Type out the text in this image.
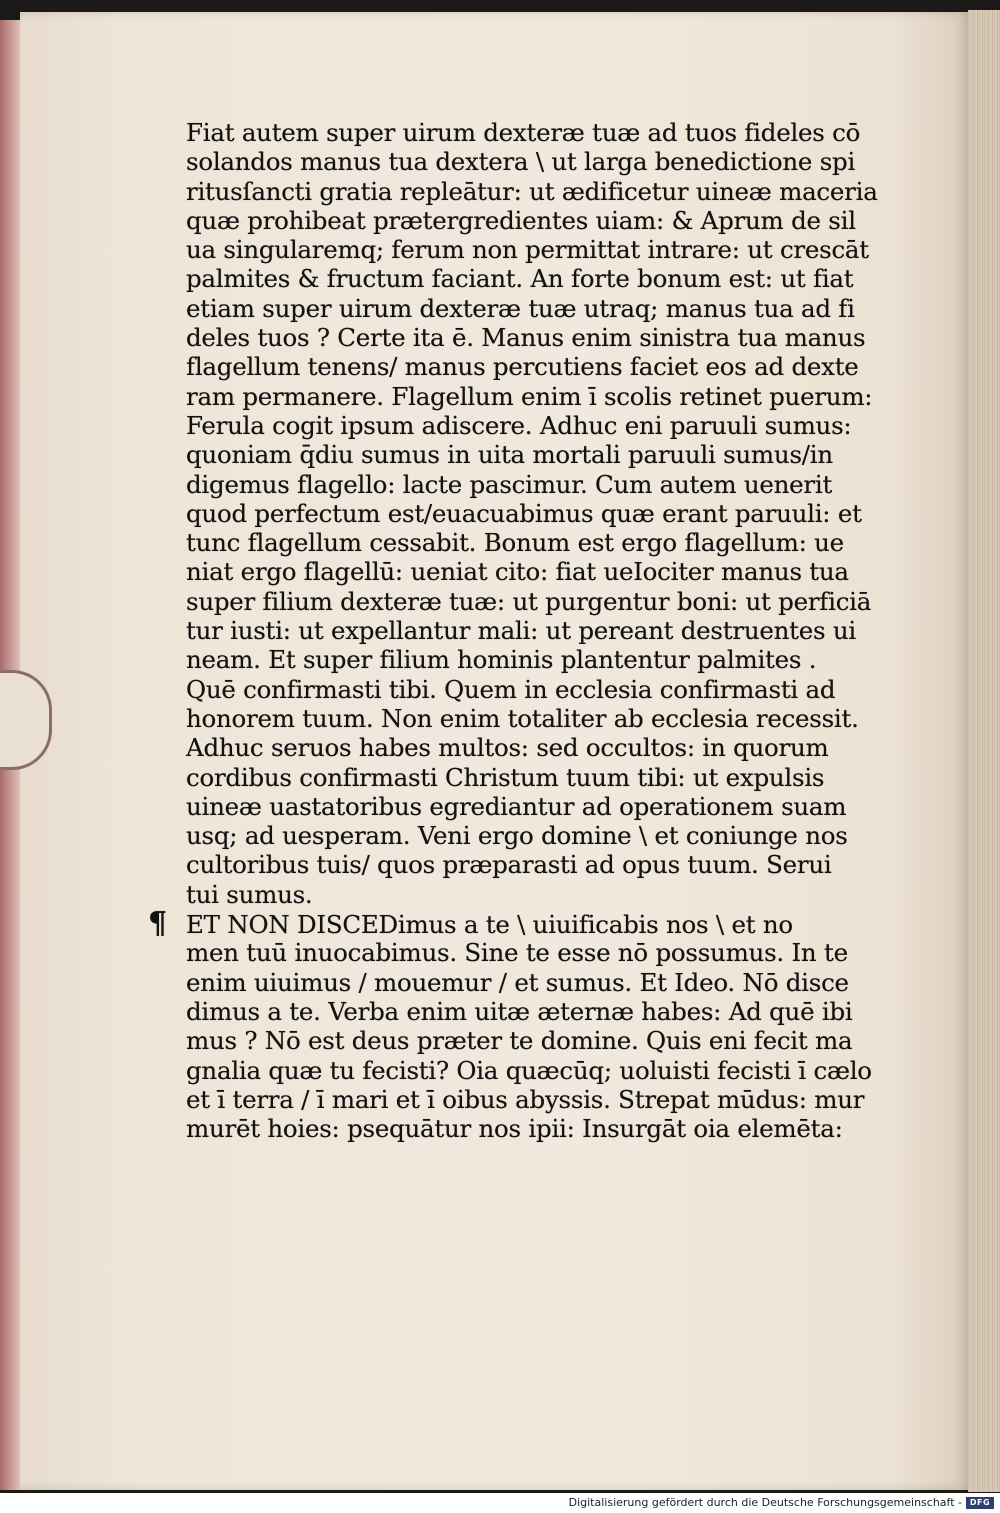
Fiat autem super uirum dexteræ tuæ ad tuos fideles cō
solandos manus tua dextera \ ut larga benedictione spi
ritusſancti gratia repleātur: ut ædificetur uineæ maceria
quæ prohibeat prætergredientes uiam: & Aprum de sil
ua singularemq; ferum non permittat intrare: ut crescāt
palmites & fructum faciant. An forte bonum est: ut fiat
etiam super uirum dexteræ tuæ utraq; manus tua ad fi
deles tuos ? Certe ita ē. Manus enim sinistra tua manus
flagellum tenens/ manus percutiens faciet eos ad dexte
ram permanere. Flagellum enim ī scolis retinet puerum:
Ferula cogit ipsum adiscere. Adhuc eni paruuli sumus:
quoniam q̄diu sumus in uita mortali paruuli sumus/in
digemus flagello: lacte pascimur. Cum autem uenerit
quod perfectum est/euacuabimus quæ erant paruuli: et
tunc flagellum cessabit. Bonum est ergo flagellum: ue
niat ergo flagellū: ueniat cito: fiat ueIociter manus tua
super filium dexteræ tuæ: ut purgentur boni: ut perficiā
tur iusti: ut expellantur mali: ut pereant destruentes ui
neam. Et super filium hominis plantentur palmites .
Quē confirmasti tibi. Quem in ecclesia confirmasti ad
honorem tuum. Non enim totaliter ab ecclesia recessit.
Adhuc seruos habes multos: sed occultos: in quorum
cordibus confirmasti Christum tuum tibi: ut expulsis
uineæ uastatoribus egrediantur ad operationem suam
usq; ad uesperam. Veni ergo domine \ et coniunge nos
cultoribus tuis/ quos præparasti ad opus tuum. Serui
tui sumus.
¶ ET NON DISCEDimus a te \ uiuificabis nos \ et no
men tuū inuocabimus. Sine te esse nō possumus. In te
enim uiuimus / mouemur / et sumus. Et Ideo. Nō disce
dimus a te. Verba enim uitæ æternæ habes: Ad quē ibi
mus ? Nō est deus præter te domine. Quis eni fecit ma
gnalia quæ tu fecisti? Oia quæcūq; uoluisti fecisti ī cælo
et ī terra / ī mari et ī oibus abyssis. Strepat mūdus: mur
murēt hoies: psequātur nos ipii: Insurgāt oia elemēta:
Digitalisierung gefördert durch die Deutsche Forschungsgemeinschaft - DFG
